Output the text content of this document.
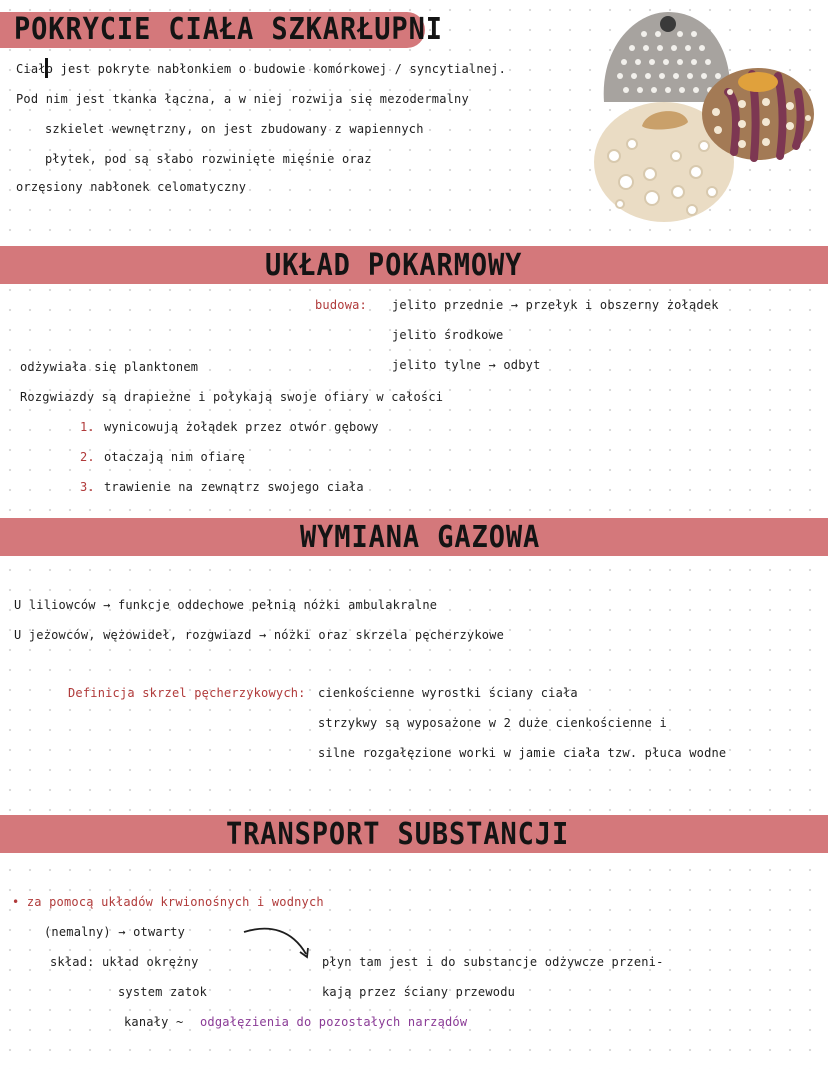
POKRYCIE CIAŁA SZKARŁUPNI
Ciało jest pokryte nabłonkiem o budowie komórkowej / syncytialnej.
Pod nim jest tkanka łączna, a w niej rozwija się mezodermalny
szkielet wewnętrzny, on jest zbudowany z wapiennych
płytek, pod są słabo rozwinięte mięśnie oraz
orzęsiony nabłonek celomatyczny
UKŁAD POKARMOWY
budowa: jelito przednie → przełyk i obszerny żołądek
jelito środkowe
jelito tylne → odbyt
odżywiała się planktonem
Rozgwiazdy są drapieżne i połykają swoje ofiary w całości
1. wynicowują żołądek przez otwór gębowy
2. otaczają nim ofiarę
3. trawienie na zewnątrz swojego ciała
WYMIANA GAZOWA
U liliowców → funkcje oddechowe pełnią nóżki ambulakralne
U jeżowców, wężowideł, rozgwiazd → nóżki oraz skrzela pęcherzykowe
Definicja skrzel pęcherzykowych: cienkościenne wyrostki ściany ciała
strzykwy są wyposażone w 2 duże cienkościenne i
silne rozgałęzione worki w jamie ciała tzw. płuca wodne
TRANSPORT SUBSTANCJI
• za pomocą układów krwionośnych i wodnych
(nemalny) → otwarty
skład: układ okrężny
system zatok
kanały ~ odgałęzienia do pozostałych narządów
płyn tam jest i do substancje odżywcze przeni-
kają przez ściany przewodu
